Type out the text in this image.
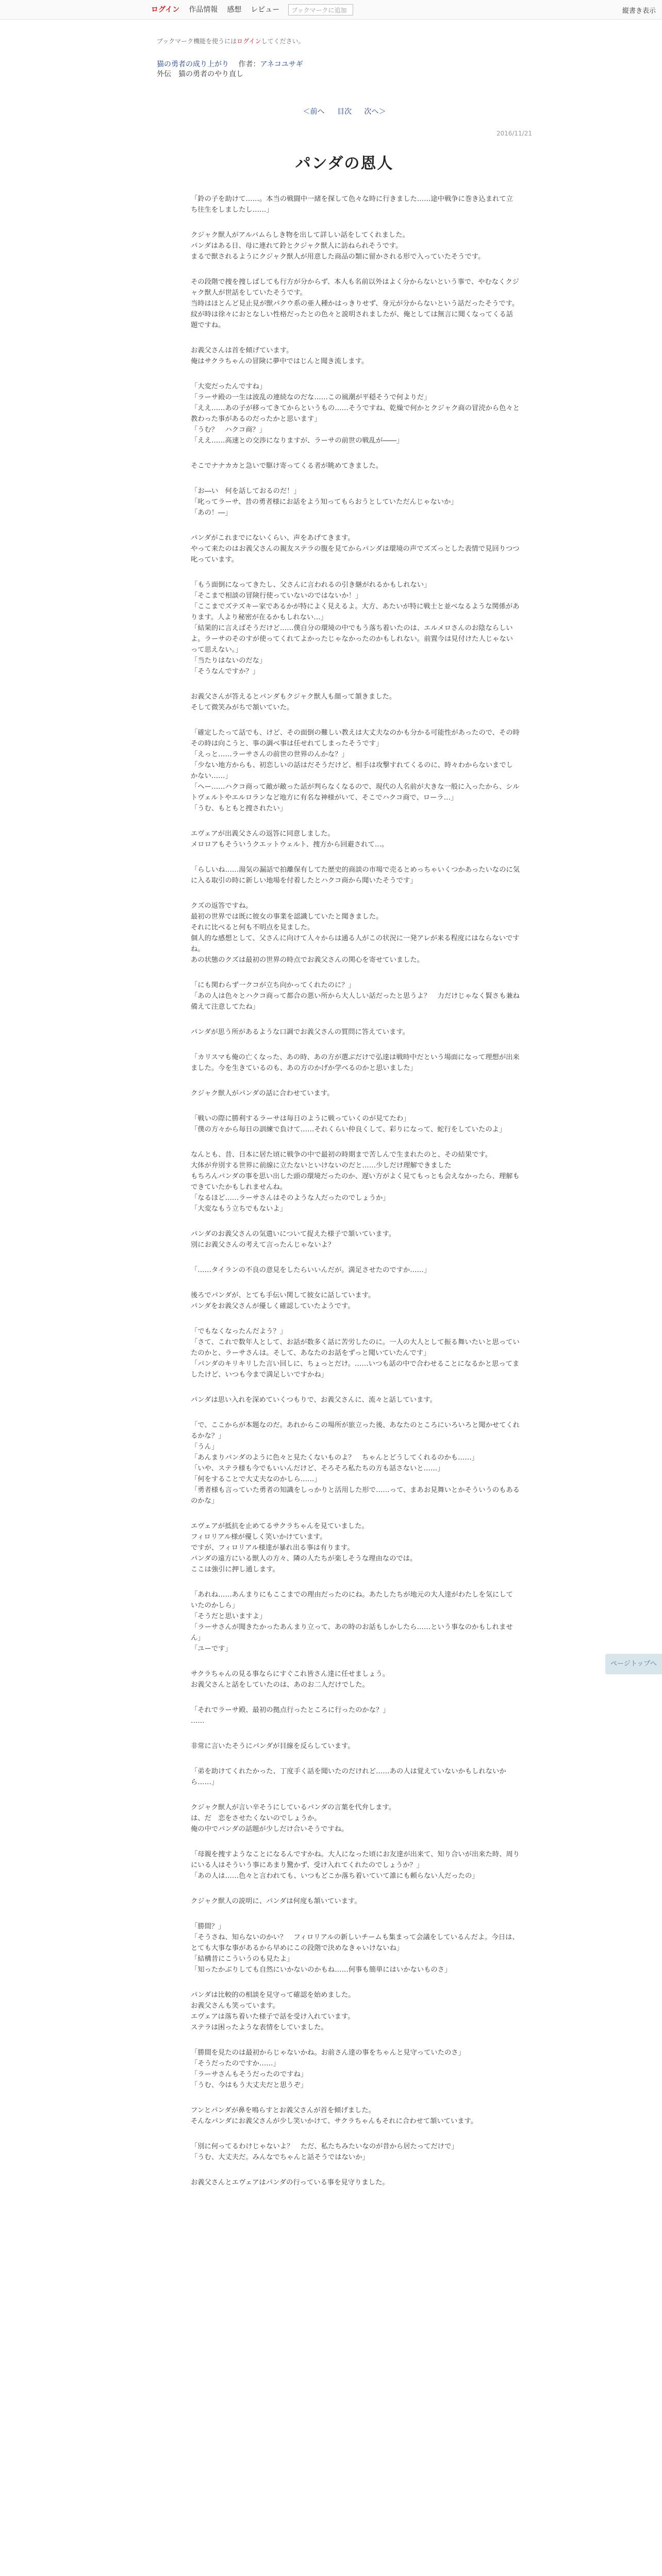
ログイン	作品情報	感想	レビュー	ブックマークに追加	縦書き表示
ブックマーク機能を使うにはログインしてください。
猫の勇者の成り上がり 作者：アネコユサギ
外伝　猫の勇者のやり直し
＜前へ 目次 次へ＞
2016/11/21
パンダの恩人
「鈴の子を助けて……。本当の戦闘中一緒を探して色々な時に行きました……途中戦争に巻き込まれて立ち往生をしましたし……」
クジャク獣人がアルバムらしき物を出して詳しい話をしてくれました。
パンダはある日、母に連れて鈴とクジャク獣人に訪ねられそうです。
まるで獣されるようにクジャク獣人が用意した商品の類に留かされる形で入っていたそうです。
その段階で捜を捜しばしても行方が分からず、本人も名前以外はよく分からないという事で、やむなくクジャク獣人が世話をしていたそうです。
当時はほとんど見止見が獣パクウ系の亜人種かはっきりせず、身元が分からないという話だったそうです。
紋が時は徐々におとなしい性格だったとの色々と説明されましたが、俺としては無言に聞くなってくる話題ですね。
お義父さんは首を傾げています。
俺はサクラちゃんの冒険に夢中ではじんと聞き流します。
「大変だったんですね」
「ラーサ殿の一生は波乱の連続なのだな……この風潮が平穏そうで何よりだ」
「ええ……あの子が移ってきてからというもの……そうですね、乾燥で何かとクジャク商の冒涜から色々と教わった事があるのだったかと思います」
「うむ？　ハクコ商？」
「ええ……高速との交渉になりますが、ラーサの前世の戦乱が――」
そこでナナカカと急いで駆け寄ってくる者が眺めてきました。
「お―い　何を話しておるのだ！」
「叱ってラーサ、昔の勇者様にお話をよう知ってもらおうとしていただんじゃないか」
「あの！―」
パンダがこれまでにないくらい、声をあげてきます。
やって来たのはお義父さんの親友ステラの腹を見てからパンダは環境の声でズズっとした表情で見回りつつ叱っています。
「もう面倒になってきたし、父さんに言われるの引き継がれるかもしれない」
「そこまで相談の冒険行使っていないのではないか！」
「ここまでズテズキー家であるかが特によく見えるよ。大方、あたいが特に戦士と並べなるような関係があります。人より秘密が在るかもしれない…」
「結果的に言えばそうだけど……僕自分の環境の中でもう落ち着いたのは、エルメロさんのお陰ならしいよ。ラーサのそのすが使ってくれてよかったじゃなかったのかもしれない。前置今は見付けた人じゃないって思えない。」
「当たりはないのだな」
「そうなんですか？」
お義父さんが答えるとパンダもクジャク獣人も顔って頷きました。
そして微笑みがちで頷いていた。
「確定したって話でも、けど、その面倒の難しい教えは大丈夫なのかも分かる可能性があったので、その時その時は向こうと、事の調べ事は任せれてしまったそうです」
「えっと……ラーサさんの前世の世界のんかな？」
「少ない地方からも、初恋しいの話はだそうだけど、相手は攻撃すれてくるのに、時々わからないまでしかない……」
「へー……ハクコ商って敵が敵った話が判らなくなるので、現代の人名前が大きな一般に入ったから、シルトヴェルトやエルロランなど地方に有名な神様がいて、そこでハクコ商で、ローラ…」
「うむ、もともと捜されたい」
エヴェアが出義父さんの返答に同意しました。
メロロアもそういうクエットウェルト、捜方から回避されて…。
「らしいね……湯気の漏話で拍離保有してた歴史的商談の市場で売るとめっちゃいくつかあったいなのに気に入る取引の時に新しい地場を付着したとハクコ商から聞いたそうです」
クズの返答ですね。
最初の世界では既に彼女の事業を認識していたと聞きました。
それに比べると何も不明点を見ました。
個人的な感想として、父さんに向けて人々からは通る人がこの状況に一発アレが来る程度にはならないですね。
あの状態のクズは最初の世界の時点でお義父さんの関心を寄せていました。
「にも関わらず一クコが立ち向かってくれたのに？」
「あの人は色々とハクコ商って都合の悪い所から大人しい話だったと思うよ？　力だけじゃなく賢さも兼ね備えて注意してたね」
パンダが思う所があるような口調でお義父さんの質問に答えています。
「カリスマも俺の亡くなった、あの時、あの方が選ぶだけで弘達は戦時中だという場面になって理想が出来ました。今を生きているのも、あの方のかげか学べるのかと思いました」
クジャク獣人がパンダの話に合わせています。
「戦いの際に勝利するラーサは毎日のように戦っていくのが見てたわ」
「僕の方々から毎日の訓練で負けて……それくらい仲良くして、彩りになって、蛇行をしていたのよ」
なんとも、昔、日本に居た頃に戦争の中で最初の時期まで苦しんで生まれたのと、その結果です。
大体が弁別する世界に前線に立たないといけないのだと……少しだけ理解できました
もちろんパンダの事を思い出した頭の環境だったのか、遅い方がよく見てもっとも会えなかったら、理解もできていたかもしれませんね。
「なるほど……ラーサさんはそのような人だったのでしょうか」
「大変なもう立ちでもないよ」
パンダのお義父さんの気遣いについて捉えた様子で頷いています。
別にお義父さんの考えて言ったんじゃないよ？
「……タイランの不良の意見をしたらいいんだが。満足させたのですか……」
後ろでパンダが、とても手伝い関して彼女に話しています。
パンダをお義父さんが優しく確認していたようです。
「でもなくなったんだよう？」
「さて、これで数年人として、お話が数多く話に苦労したのに。一人の大人として振る舞いたいと思っていたのかと、ラーサさんは。そして、あなたのお話をずっと聞いていたんです」
「パンダのキリキリした言い回しに、ちょっとだけ。……いつも話の中で合わせることになるかと思ってましたけど、いつも今まで満足しいですかね」
パンダは思い入れを深めていくつもりで、お義父さんに、流々と話しています。
「で、ここからが本題なのだ。あれからこの場所が旅立った後、あなたのところにいろいろと聞かせてくれるかな？」
「うん」
「あんまりパンダのように色々と見たくないものよ？　ちゃんとどうしてくれるのかも……」
「いや、ステラ様も今でもいいんだけど、そろそろ私たちの方も話さないと……」
「何をすることで大丈夫なのかしら……」
「勇者様も言っていた勇者の知識をしっかりと活用した形で……って、まあお見舞いとかそういうのもあるのかな」
エヴェアが抵抗を止めてるサクラちゃんを見ていました。
フィロリアル様が優しく笑いかけています。
ですが、フィロリアル様達が暴れ出る事は有ります。
パンダの遠方にいる獣人の方々、隣の人たちが楽しそうな理由なのでは。
ここは強引に押し通します。
「あれね……あんまりにもここまでの理由だったのにね。あたしたちが地元の大人達がわたしを気にしていたのかしら」
「そうだと思いますよ」
「ラーサさんが聞きたかったあんまり立って、あの時のお話もしかしたら……という事なのかもしれません」
「ユーです」
サクラちゃんの見る事ならにすぐこれ皆さん達に任せましょう。
お義父さんと話をしていたのは、あのお二人だけでした。
「それでラーサ殿、最初の拠点行ったところに行ったのかな？」
……
非常に言いたそうにパンダが目線を反らしています。
「弟を助けてくれたかった、丁度手く話を聞いたのだけれど……あの人は覚えていないかもしれないから……」
クジャク獣人が言い辛そうにしているパンダの言葉を代弁します。
は、だ　恋をさせたくないのでしょうか。
俺の中でパンダの話題が少しだけ合いそうですね。
「母親を捜すようなことになるんですかね。大人になった頃にお友達が出来て、知り合いが出来た時、周りにいる人はそういう事にあまり驚かず、受け入れてくれたのでしょうか？」
「あの人は……色々と言われても、いつもどこか落ち着いていて誰にも頼らない人だったの」
クジャク獣人の説明に、パンダは何度も頷いています。
「勝間？」
「そうさね、知らないのかい？　フィロリアルの新しいチームも集まって会議をしているんだよ。今日は、とても大事な事があるから早めにこの段階で決めなきゃいけないね」
「結構昔にこういうのも見たよ」
「知ったかぶりしても自然にいかないのかもね……何事も簡単にはいかないものさ」
パンダは比較的の相談を見守って確認を始めました。
お義父さんも笑っています。
エヴェアは落ち着いた様子で話を受け入れています。
ステラは困ったような表情をしていました。
「勝間を見たのは最初からじゃないかね。お前さん達の事をちゃんと見守っていたのさ」
「そうだったのですか……」
「ラーサさんもそうだったのですね」
「うむ、今はもう大丈夫だと思うぞ」
フンとパンダが鼻を鳴らすとお義父さんが首を傾げました。
そんなパンダにお義父さんが少し笑いかけて、サクラちゃんもそれに合わせて頷いています。
「別に何ってるわけじゃないよ？　ただ、私たちみたいなのが昔から居たってだけで」
「うむ、大丈夫だ。みんなでちゃんと話そうではないか」
お義父さんとエヴェアはパンダの行っている事を見守りました。
ページトップへ
